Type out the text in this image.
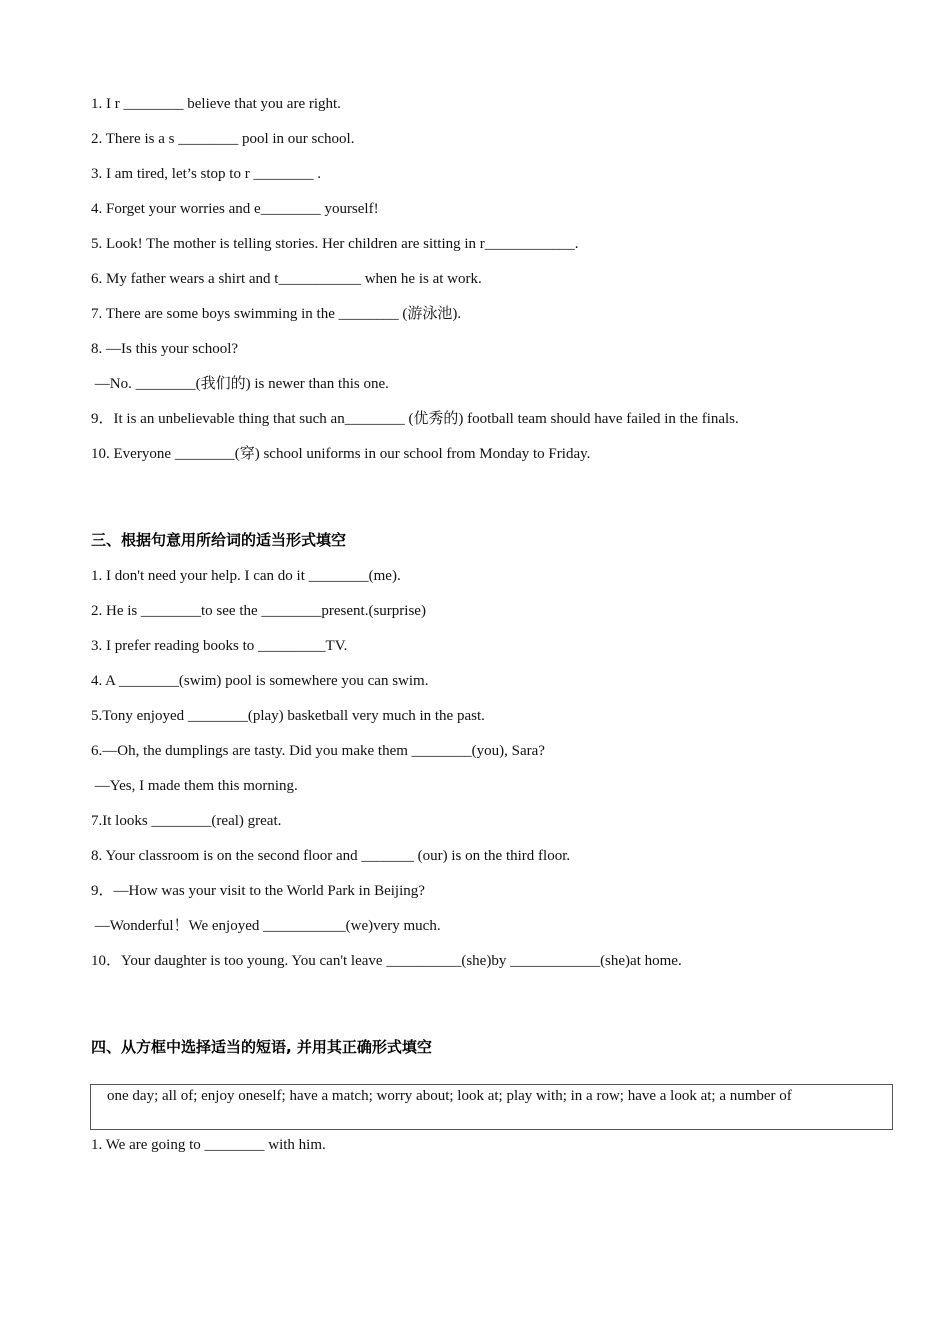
1. I r ________ believe that you are right.
2. There is a s ________ pool in our school.
3. I am tired, let’s stop to r ________ .
4. Forget your worries and e________ yourself!
5. Look! The mother is telling stories. Her children are sitting in r____________.
6. My father wears a shirt and t___________ when he is at work.
7. There are some boys swimming in the ________ (游泳池).
8. —Is this your school?
—No. ________(我们的) is newer than this one.
9．It is an unbelievable thing that such an________ (优秀的) football team should have failed in the finals.
10. Everyone ________(穿) school uniforms in our school from Monday to Friday.
三、根据句意用所给词的适当形式填空
1. I don't need your help. I can do it ________(me).
2. He is ________to see the ________present.(surprise)
3. I prefer reading books to _________TV.
4. A ________(swim) pool is somewhere you can swim.
5.Tony enjoyed ________(play) basketball very much in the past.
6.—Oh, the dumplings are tasty. Did you make them ________(you), Sara?
—Yes, I made them this morning.
7.It looks ________(real) great.
8. Your classroom is on the second floor and _______ (our) is on the third floor.
9．—How was your visit to the World Park in Beijing?
—Wonderful！We enjoyed ___________(we)very much.
10．Your daughter is too young. You can't leave __________(she)by ____________(she)at home.
四、从方框中选择适当的短语, 并用其正确形式填空
one day; all of; enjoy oneself; have a match; worry about; look at; play with; in a row; have a look at; a number of
1. We are going to ________ with him.
